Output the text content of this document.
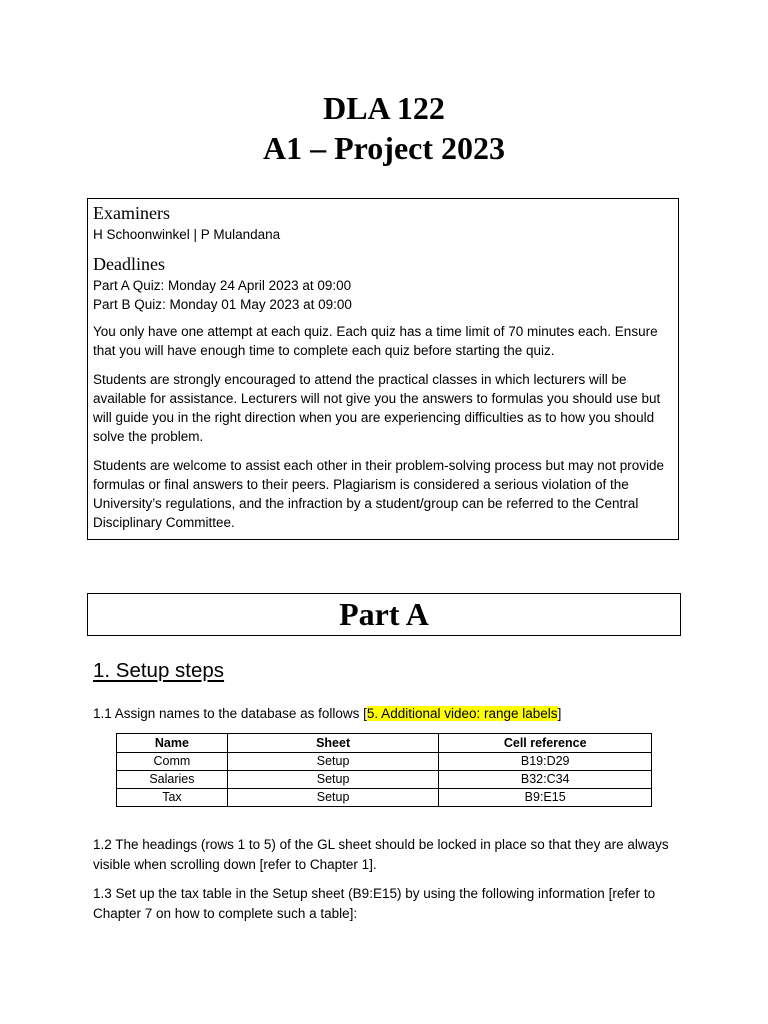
DLA 122
A1 – Project 2023
Examiners

H Schoonwinkel | P Mulandana

Deadlines

Part A Quiz: Monday 24 April 2023 at 09:00

Part B Quiz: Monday 01 May 2023 at 09:00

You only have one attempt at each quiz. Each quiz has a time limit of 70 minutes each. Ensure that you will have enough time to complete each quiz before starting the quiz.

Students are strongly encouraged to attend the practical classes in which lecturers will be available for assistance. Lecturers will not give you the answers to formulas you should use but will guide you in the right direction when you are experiencing difficulties as to how you should solve the problem.

Students are welcome to assist each other in their problem-solving process but may not provide formulas or final answers to their peers. Plagiarism is considered a serious violation of the University’s regulations, and the infraction by a student/group can be referred to the Central Disciplinary Committee.

Part A
1. Setup steps

1.1 Assign names to the database as follows [5. Additional video: range labels]

Name	Sheet	Cell reference
Comm	Setup	B19:D29
Salaries	Setup	B32:C34
Tax	Setup	B9:E15

1.2 The headings (rows 1 to 5) of the GL sheet should be locked in place so that they are always visible when scrolling down [refer to Chapter 1].

1.3 Set up the tax table in the Setup sheet (B9:E15) by using the following information [refer to Chapter 7 on how to complete such a table]:
